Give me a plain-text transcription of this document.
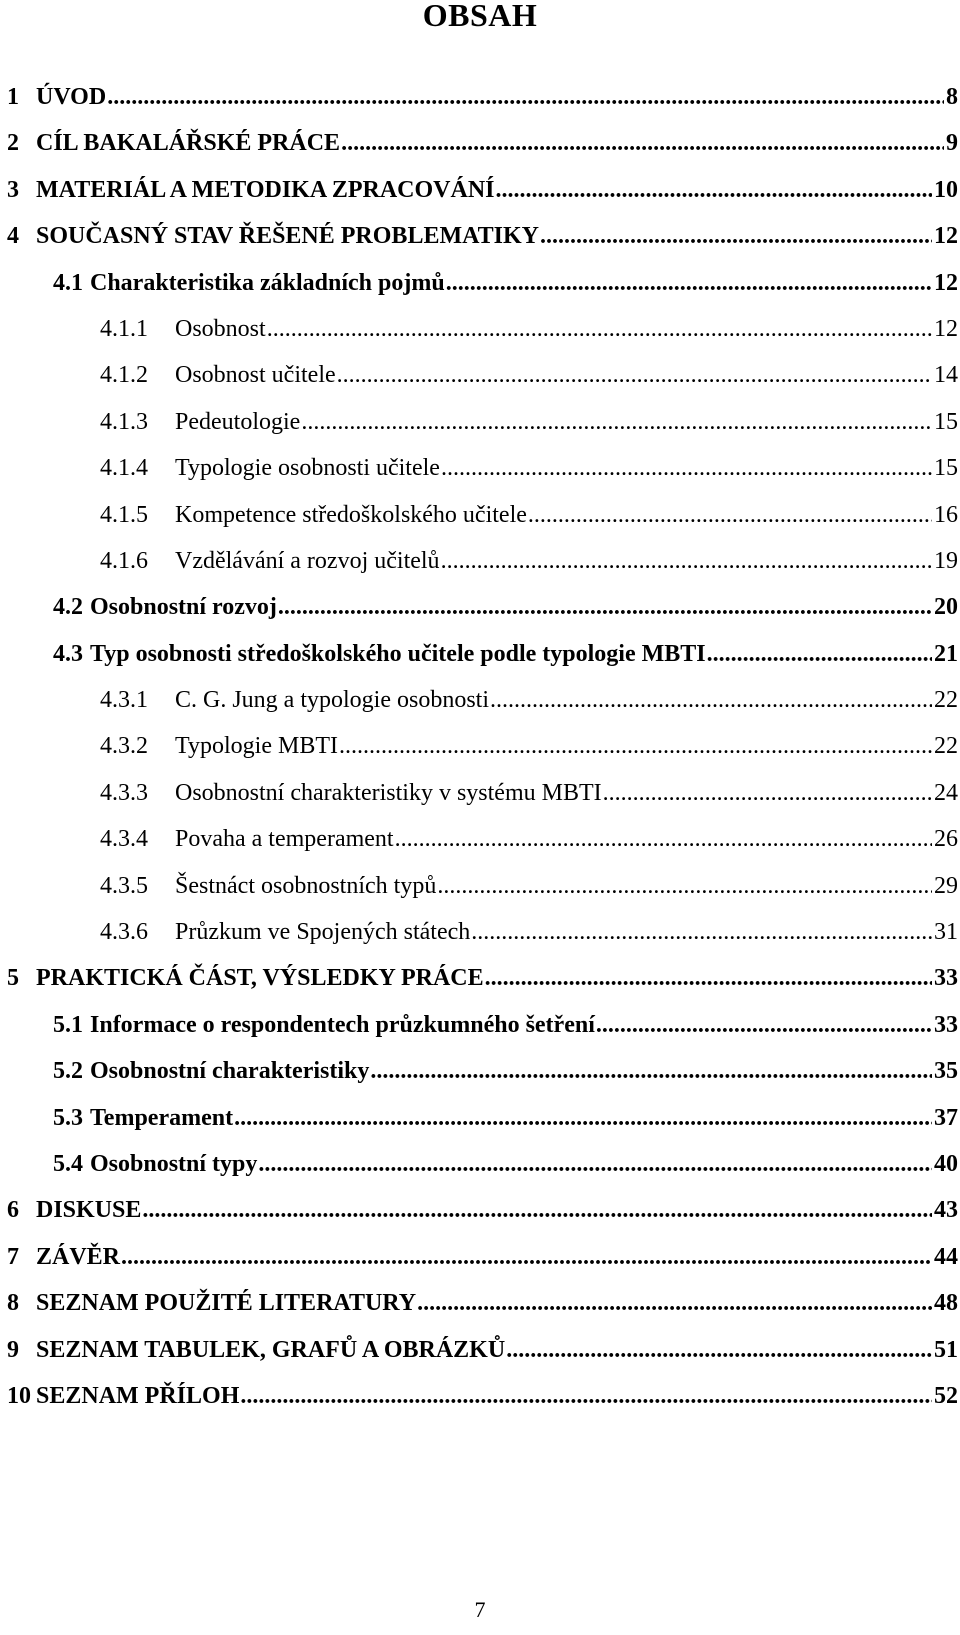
OBSAH
1 ÚVOD .....	8
2 CÍL BAKALÁŘSKÉ PRÁCE .....	9
3 MATERIÁL A METODIKA ZPRACOVÁNÍ .....	10
4 SOUČASNÝ STAV ŘEŠENÉ PROBLEMATIKY .....	12
4.1 Charakteristika základních pojmů .....	12
4.1.1	Osobnost .....	12
4.1.2	Osobnost učitele .....	14
4.1.3	Pedeutologie .....	15
4.1.4	Typologie osobnosti učitele .....	15
4.1.5	Kompetence středoškolského učitele .....	16
4.1.6	Vzdělávání a rozvoj učitelů .....	19
4.2 Osobnostní rozvoj .....	20
4.3 Typ osobnosti středoškolského učitele podle typologie MBTI .....	21
4.3.1	C. G. Jung a typologie osobnosti .....	22
4.3.2	Typologie MBTI .....	22
4.3.3	Osobnostní charakteristiky v systému MBTI .....	24
4.3.4	Povaha a temperament .....	26
4.3.5	Šestnáct osobnostních typů .....	29
4.3.6	Průzkum ve Spojených státech .....	31
5 PRAKTICKÁ ČÁST, VÝSLEDKY PRÁCE .....	33
5.1 Informace o respondentech průzkumného šetření .....	33
5.2 Osobnostní charakteristiky .....	35
5.3 Temperament .....	37
5.4 Osobnostní typy .....	40
6 DISKUSE .....	43
7 ZÁVĚR .....	44
8 SEZNAM POUŽITÉ LITERATURY .....	48
9 SEZNAM TABULEK, GRAFŮ A OBRÁZKŮ .....	51
10 SEZNAM PŘÍLOH .....	52
7
